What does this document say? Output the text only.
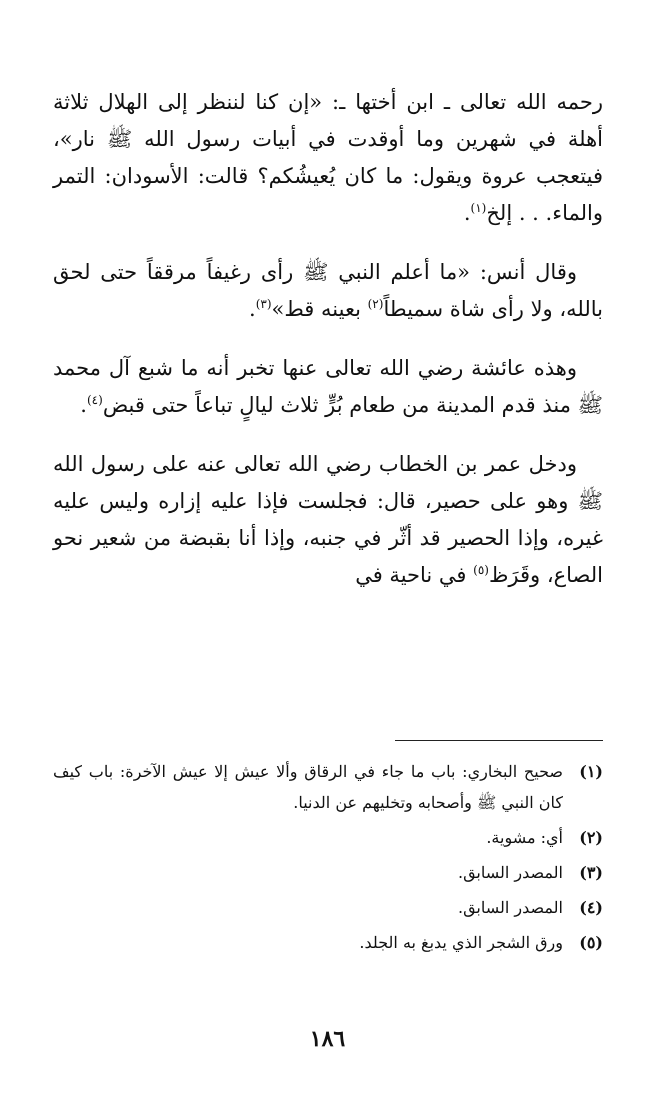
رحمه الله تعالى ـ ابن أختها ـ: «إن كنا لننظر إلى الهلال ثلاثة أهلة في شهرين وما أوقدت في أبيات رسول الله ﷺ نار»، فيتعجب عروة ويقول: ما كان يُعيشُكم؟ قالت: الأسودان: التمر والماء. . . إلخ$^{(١)}$.

وقال أنس: «ما أعلم النبي ﷺ رأى رغيفاً مرققاً حتى لحق بالله، ولا رأى شاة سميطاً$^{(٢)}$ بعينه قط»$^{(٣)}$.

وهذه عائشة رضي الله تعالى عنها تخبر أنه ما شبع آل محمد ﷺ منذ قدم المدينة من طعام بُرٍّ ثلاث ليالٍ تباعاً حتى قبض$^{(٤)}$.

ودخل عمر بن الخطاب رضي الله تعالى عنه على رسول الله ﷺ وهو على حصير، قال: فجلست فإذا عليه إزاره وليس عليه غيره، وإذا الحصير قد أثّر في جنبه، وإذا أنا بقبضة من شعير نحو الصاع، وقَرَظ$^{(٥)}$ في ناحية في

(١)
صحيح البخاري: باب ما جاء في الرقاق وألا عيش إلا عيش الآخرة: باب كيف كان النبي ﷺ وأصحابه وتخليهم عن الدنيا.
(٢)
أي: مشوية.
(٣)
المصدر السابق.
(٤)
المصدر السابق.
(٥)
ورق الشجر الذي يدبغ به الجلد.
١٨٦
